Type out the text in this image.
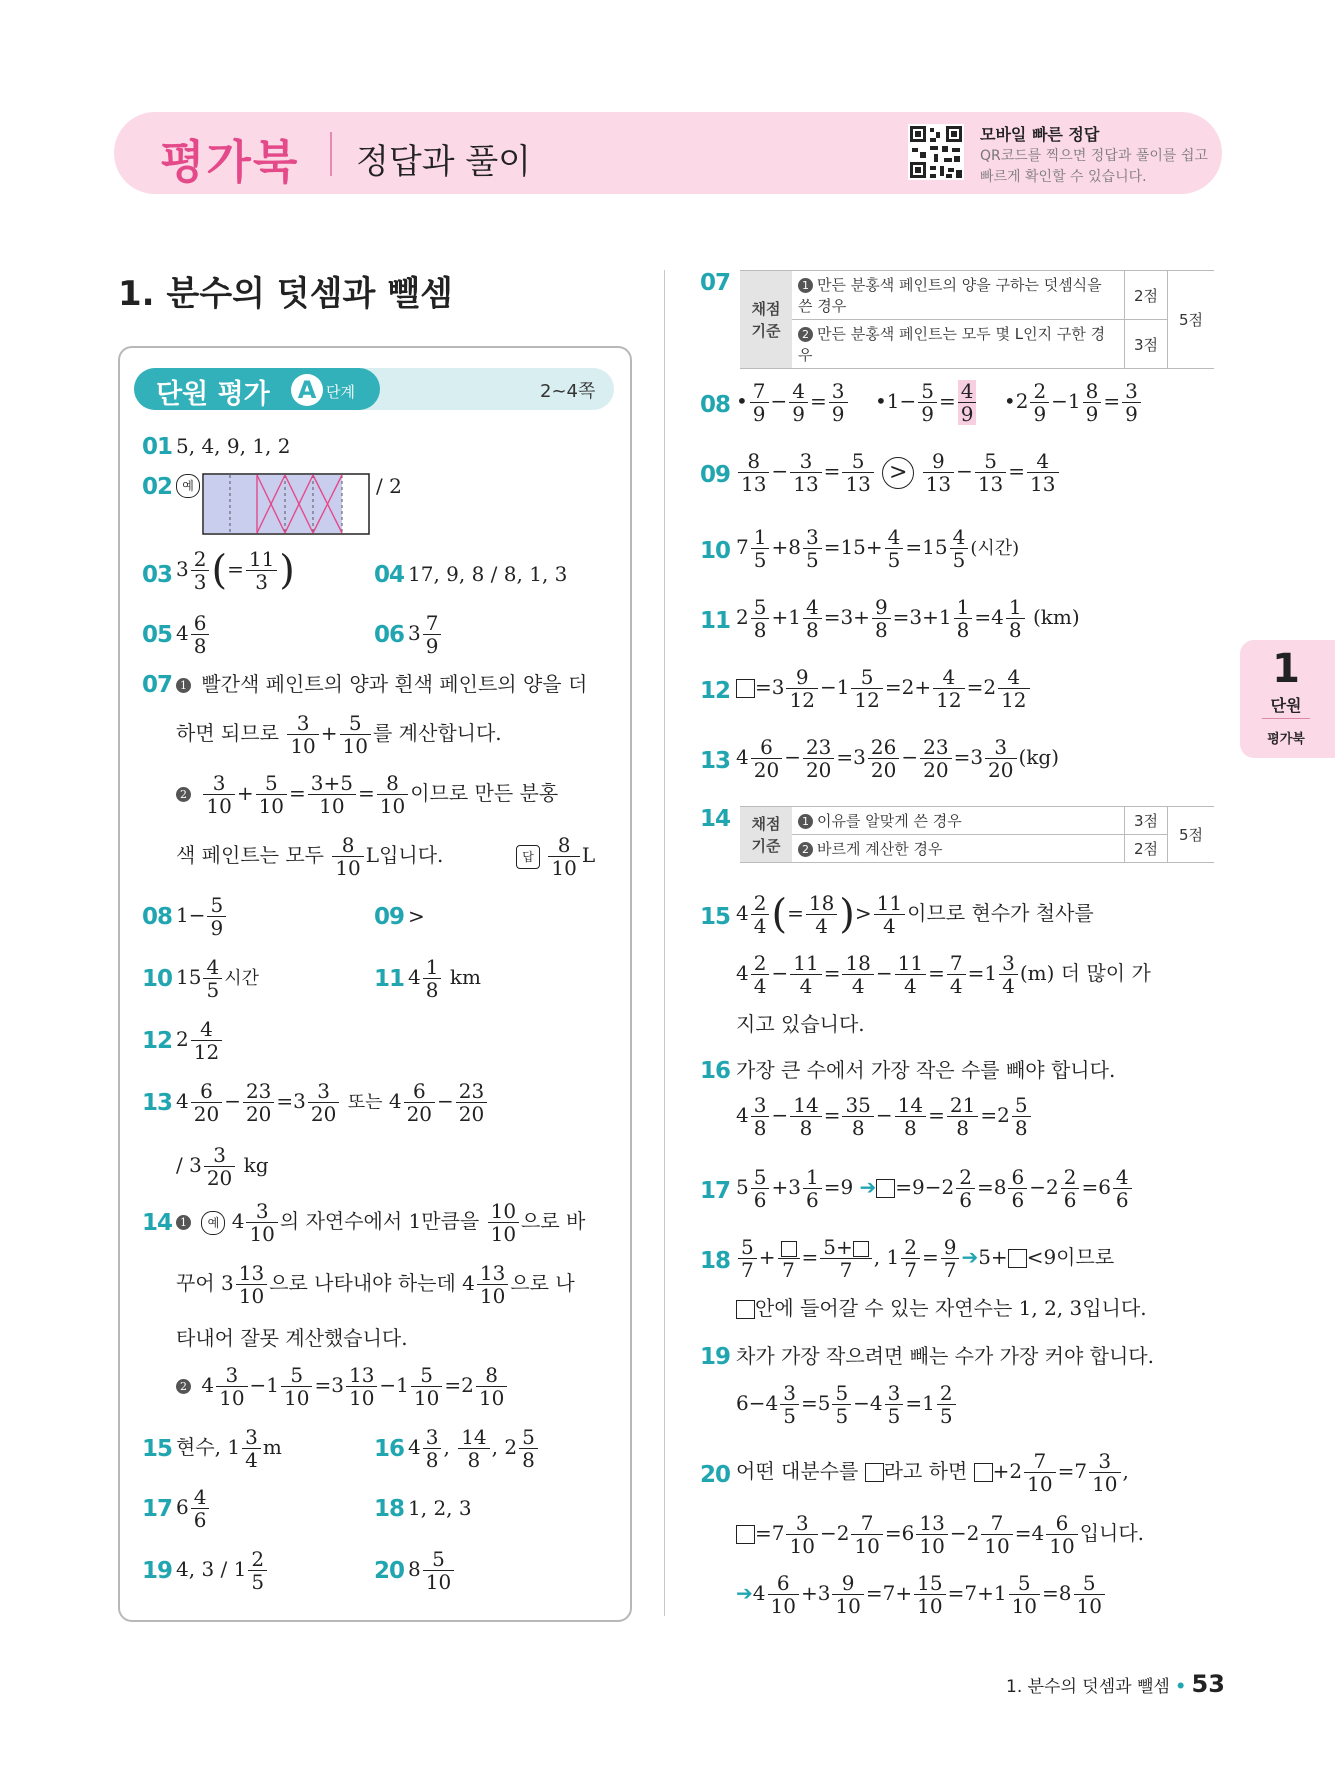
평가북 정답과 풀이
모바일 빠른 정답
QR코드를 찍으면 정답과 풀이를 쉽고 빠르게 확인할 수 있습니다.
1. 분수의 덧셈과 뺄셈
단원 평가 A 단계	2~4쪽
01 5, 4, 9, 1, 2
02 예	/ 2
03 $3 \frac{2}{3}$ (= $\frac{11}{3}$ )	04 17, 9, 8 / 8, 1, 3
05 $4 \frac{6}{8}$	06 $3 \frac{7}{9}$
07 1 빨간색 페인트의 양과 흰색 페인트의 양을 더
하면 되므로 $\frac{3}{10} + \frac{5}{10}$ 를 계산합니다.
$2 \frac{3}{10} + \frac{5}{10} = \frac{3+5}{10} = \frac{8}{10}$ 이므로 만든 분홍
색 페인트는 모두 $\frac{8}{10}$ L입니다.	답 $\frac{8}{10}$ L
08 $1- \frac{5}{9}$	09 >
10 $15 \frac{4}{5}$ 시간	11 $4 \frac{1}{8}$ km
12 $2 \frac{4}{12}$
13 $4 \frac{6}{20} - \frac{23}{20} =3 \frac{3}{20}$ 또는 $4 \frac{6}{20} - \frac{23}{20}$
/ $3 \frac{3}{20}$ kg
14 1 예 $4 \frac{3}{10}$ 의 자연수에서 1만큼을 $\frac{10}{10}$ 으로 바
꾸어 $3 \frac{13}{10}$ 으로 나타내야 하는데 $4 \frac{13}{10}$ 으로 나
타내어 잘못 계산했습니다.
2 $4 \frac{3}{10} -1 \frac{5}{10} =3 \frac{13}{10} -1 \frac{5}{10} =2 \frac{8}{10}$
15 현수, $1 \frac{3}{4}$ m	16 $4 \frac{3}{8}$ , $\frac{14}{8}$ , $2 \frac{5}{8}$
17 $6 \frac{4}{6}$	18 1, 2, 3
19 4, $3 / 1 \frac{2}{5}$	20 $8 \frac{5}{10}$
07
채점 기준	1 만든 분홍색 페인트의 양을 구하는 덧셈식을 쓴 경우	2점	5점
	2 만든 분홍색 페인트는 모두 몇 L인지 구한 경우	3점	
08 • $\frac{7}{9} - \frac{4}{9} = \frac{3}{9}$ •1− $\frac{5}{9} = \frac{4}{9}$ •2 $\frac{2}{9} -1 \frac{8}{9} = \frac{3}{9}$
$09 \frac{8}{13} - \frac{3}{13} = \frac{5}{13} > \frac{9}{13} - \frac{5}{13} = \frac{4}{13}$
10 $7 \frac{1}{5} +8 \frac{3}{5} =15+ \frac{4}{5} =15 \frac{4}{5}$ (시간)
11 $2 \frac{5}{8} +1 \frac{4}{8} =3+ \frac{9}{8} =3+1 \frac{1}{8} =4 \frac{1}{8} (km)$
12	$=3 \frac{9}{12} -1 \frac{5}{12} =2+ \frac{4}{12} =2 \frac{4}{12}$
13 $4 \frac{6}{20} - \frac{23}{20} =3 \frac{26}{20} - \frac{23}{20} =3 \frac{3}{20} (kg)$
14 채점 기준	1 이유를 알맞게 쓴 경우	3점	5점
	2 바르게 계산한 경우	2점	
15 $4 \frac{2}{4}$ (= $\frac{18}{4}$ )> $\frac{11}{4}$ 이므로 현수가 철사를
$4 \frac{2}{4} - \frac{11}{4} = \frac{18}{4} - \frac{11}{4} = \frac{7}{4} =1 \frac{3}{4} (m)$ 더 많이 가
지고 있습니다.
16 가장 큰 수에서 가장 작은 수를 빼야 합니다.
$4 \frac{3}{8} - \frac{14}{8} = \frac{35}{8} - \frac{14}{8} = \frac{21}{8} =2 \frac{5}{8}$
17 $5 \frac{5}{6} +3 \frac{1}{6} =9$ ➔ $=9-2 \frac{2}{6} =8 \frac{6}{6} -2 \frac{2}{6} =6 \frac{4}{6}$
$18 \frac{5}{7}$ +
7
= $\frac{5+}{7}$ , $1 \frac{2}{7} = \frac{9}{7}$ ➔5+ <9이므로
안에 들어갈 수 있는 자연수는 1, 2, 3입니다.
19 차가 가장 작으려면 빼는 수가 가장 커야 합니다.
$6-4 \frac{3}{5} =5 \frac{5}{5} -4 \frac{3}{5} =1 \frac{2}{5}$
20 어떤 대분수를 라고 하면 $+2 \frac{7}{10} =7 \frac{3}{10}$ ,
$=7 \frac{3}{10} -2 \frac{7}{10} =6 \frac{13}{10} -2 \frac{7}{10} =4 \frac{6}{10}$ 입니다.
➔4 $\frac{6}{10} +3 \frac{9}{10} =7+ \frac{15}{10} =7+1 \frac{5}{10} =8 \frac{5}{10}$
1
단원
평가북
1. 분수의 덧셈과 뺄셈 • 53
